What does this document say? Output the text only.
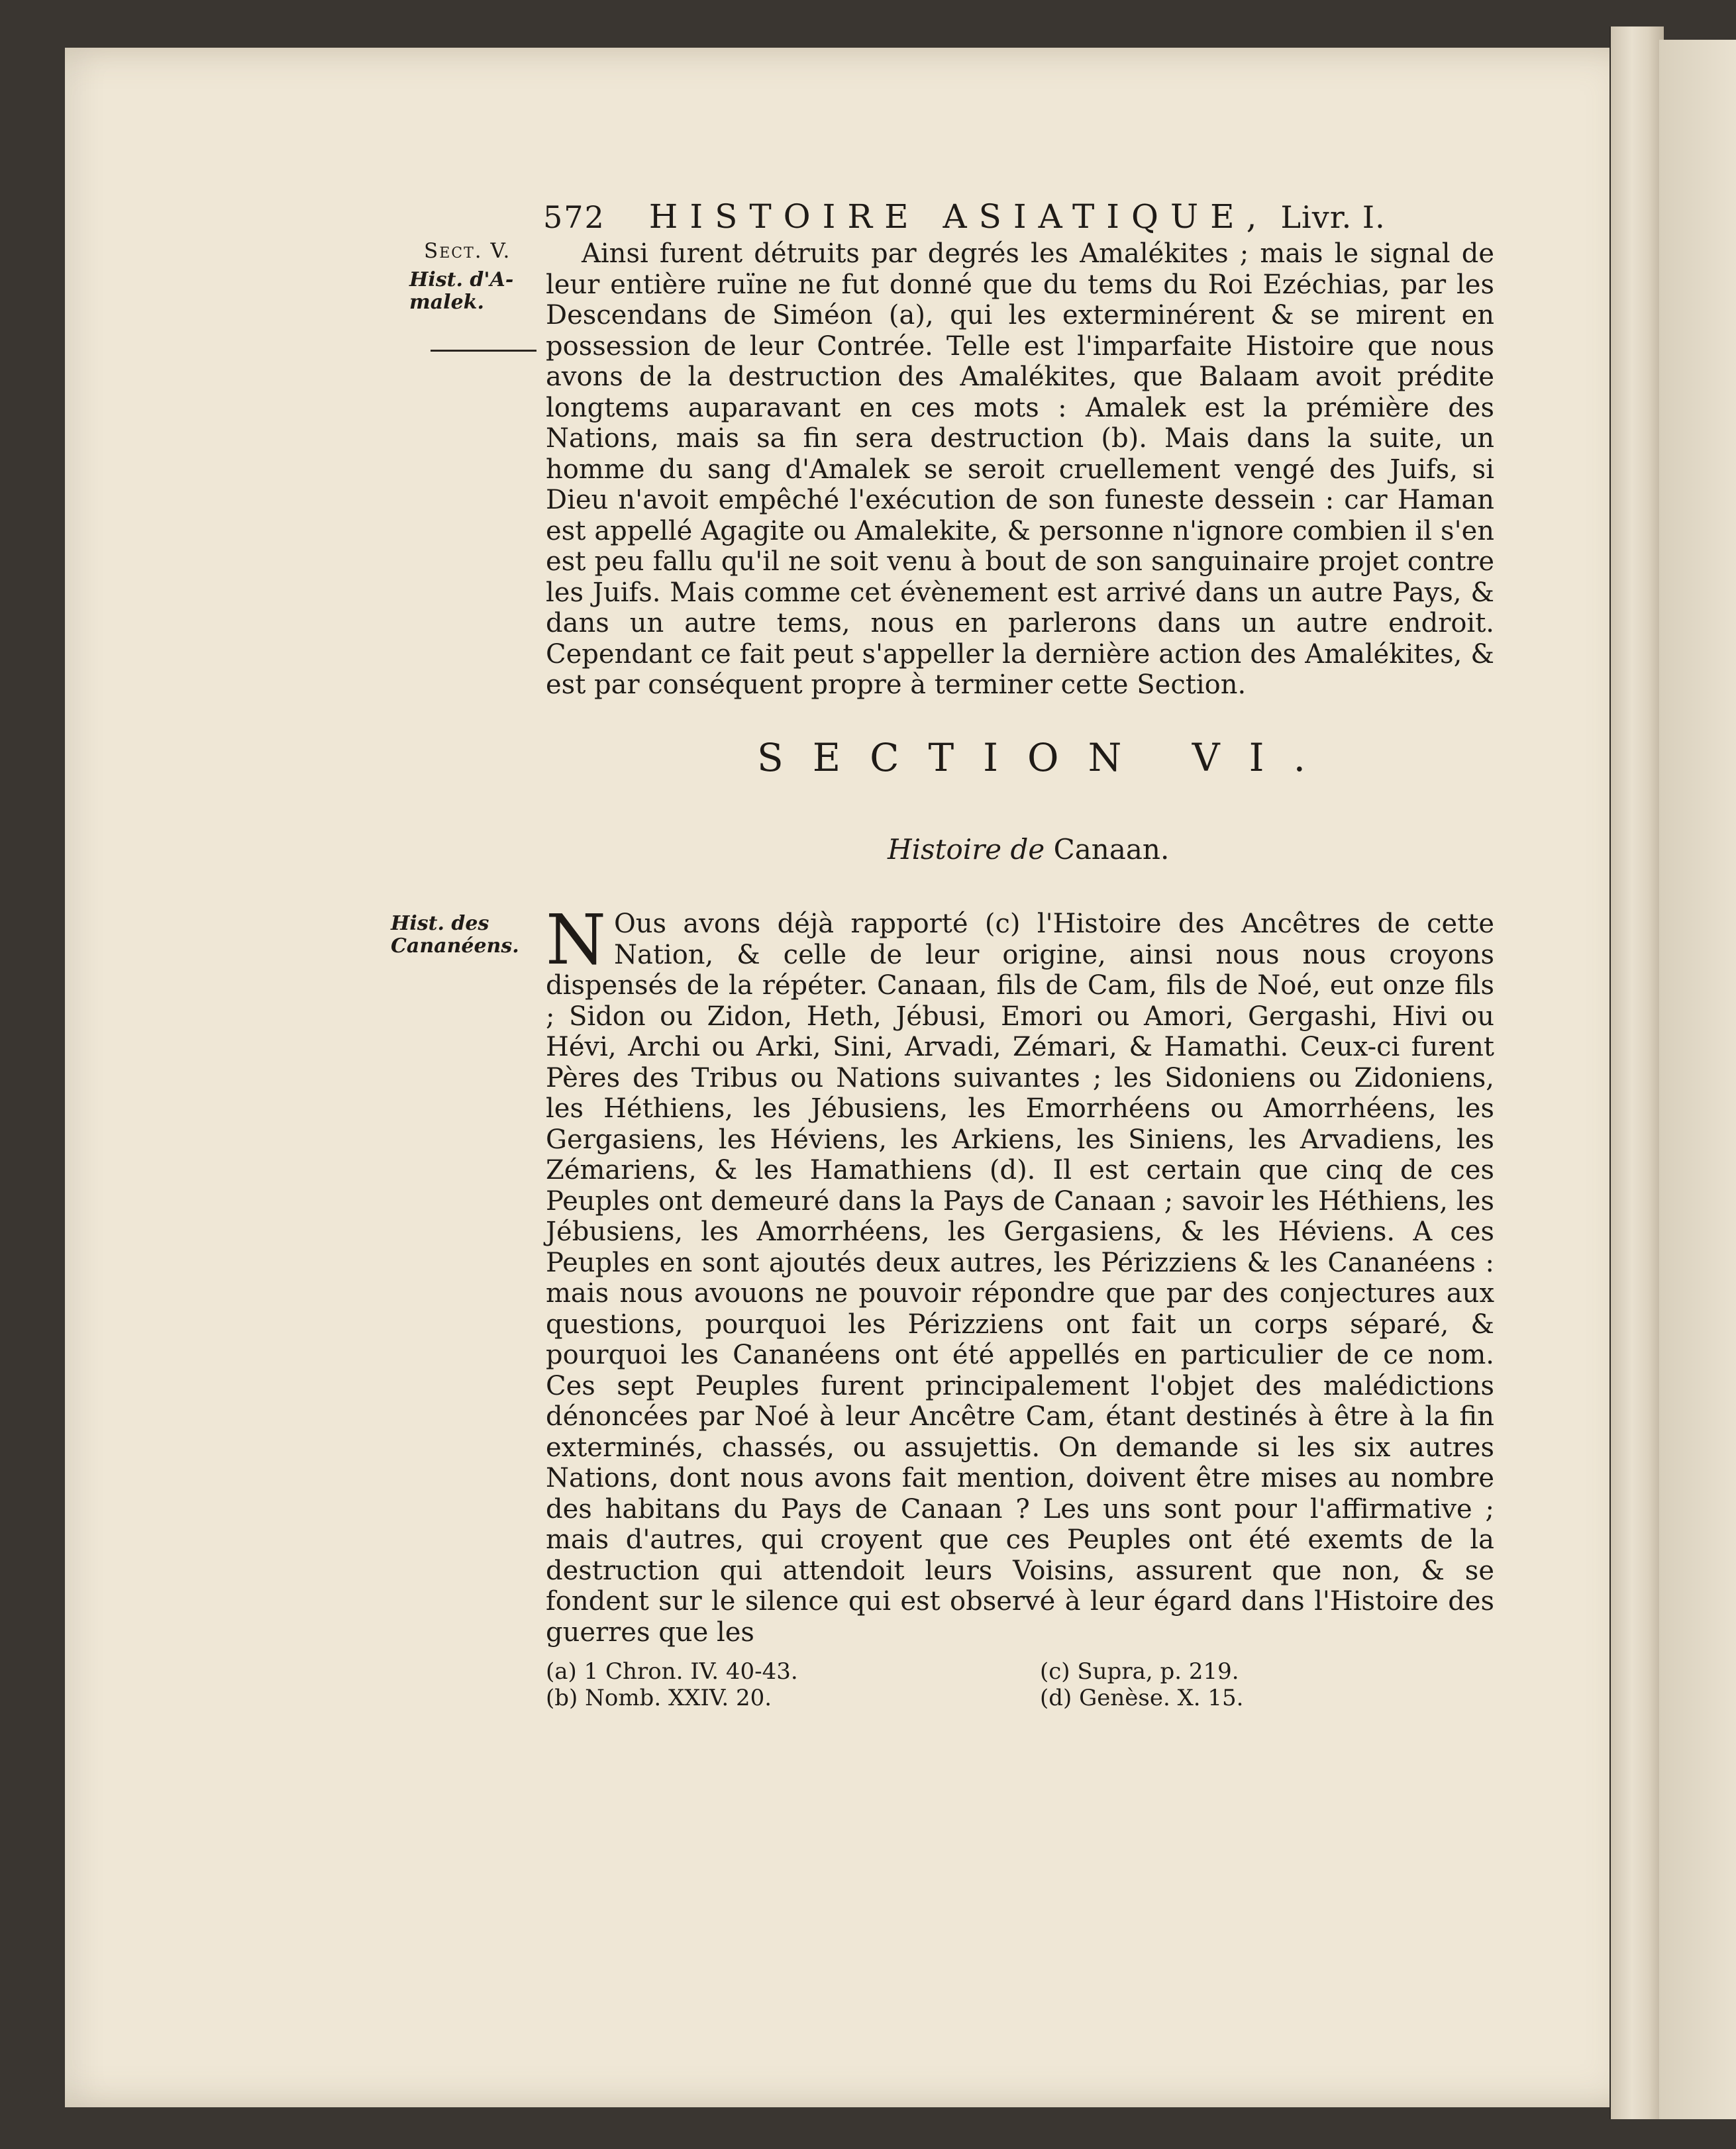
572 HISTOIRE ASIATIQUE, Livr. I.
Sect. V.
Hist. d'A-malek.
Ainsi furent détruits par degrés les Amalékites ; mais le signal de leur entière ruïne ne fut donné que du tems du Roi Ezéchias, par les Descendans de Siméon (a), qui les exterminérent & se mirent en possession de leur Contrée. Telle est l'imparfaite Histoire que nous avons de la destruction des Amalékites, que Balaam avoit prédite longtems auparavant en ces mots : Amalek est la prémière des Nations, mais sa fin sera destruction (b). Mais dans la suite, un homme du sang d'Amalek se seroit cruellement vengé des Juifs, si Dieu n'avoit empêché l'exécution de son funeste dessein : car Haman est appellé Agagite ou Amalekite, & personne n'ignore combien il s'en est peu fallu qu'il ne soit venu à bout de son sanguinaire projet contre les Juifs. Mais comme cet évènement est arrivé dans un autre Pays, & dans un autre tems, nous en parlerons dans un autre endroit. Cependant ce fait peut s'appeller la dernière action des Amalékites, & est par conséquent propre à terminer cette Section.
SECTION VI.
Histoire de Canaan.
Hist. des Cananéens. N Ous avons déjà rapporté (c) l'Histoire des Ancêtres de cette Nation, & celle de leur origine, ainsi nous nous croyons dispensés de la répéter. Canaan, fils de Cam, fils de Noé, eut onze fils ; Sidon ou Zidon, Heth, Jébusi, Emori ou Amori, Gergashi, Hivi ou Hévi, Archi ou Arki, Sini, Arvadi, Zémari, & Hamathi. Ceux-ci furent Pères des Tribus ou Nations suivantes ; les Sidoniens ou Zidoniens, les Héthiens, les Jébusiens, les Emorrhéens ou Amorrhéens, les Gergasiens, les Héviens, les Arkiens, les Siniens, les Arvadiens, les Zémariens, & les Hamathiens (d). Il est certain que cinq de ces Peuples ont demeuré dans la Pays de Canaan ; savoir les Héthiens, les Jébusiens, les Amorrhéens, les Gergasiens, & les Héviens. A ces Peuples en sont ajoutés deux autres, les Périzziens & les Cananéens : mais nous avouons ne pouvoir répondre que par des conjectures aux questions, pourquoi les Périzziens ont fait un corps séparé, & pourquoi les Cananéens ont été appellés en particulier de ce nom. Ces sept Peuples furent principalement l'objet des malédictions dénoncées par Noé à leur Ancêtre Cam, étant destinés à être à la fin exterminés, chassés, ou assujettis. On demande si les six autres Nations, dont nous avons fait mention, doivent être mises au nombre des habitans du Pays de Canaan ? Les uns sont pour l'affirmative ; mais d'autres, qui croyent que ces Peuples ont été exemts de la destruction qui attendoit leurs Voisins, assurent que non, & se fondent sur le silence qui est observé à leur égard dans l'Histoire des guerres que les
(a) 1 Chron. IV. 40-43.
(b) Nomb. XXIV. 20.
(c) Supra, p. 219.
(d) Genèse. X. 15.
